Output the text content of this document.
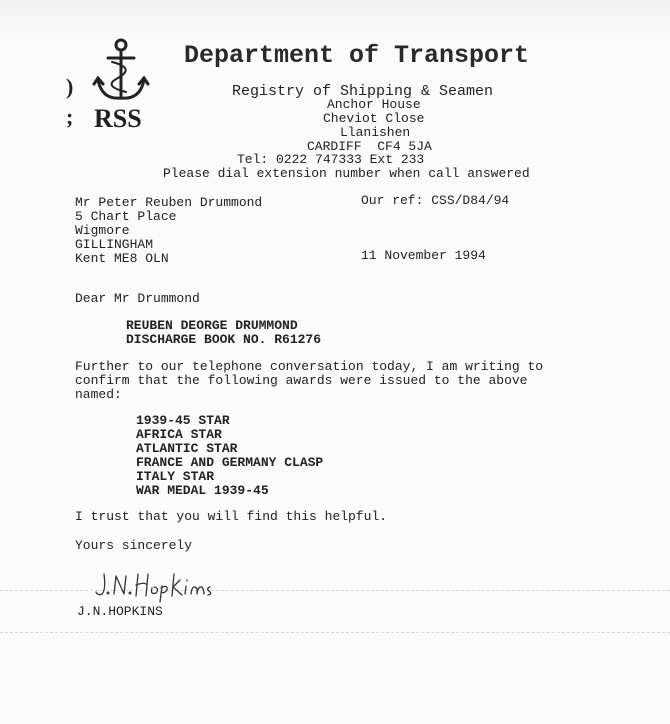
)
; RSS
Department of Transport
Registry of Shipping & Seamen
Anchor House
Cheviot Close
Llanishen
CARDIFF  CF4 5JA
Tel: 0222 747333 Ext 233
Please dial extension number when call answered
Mr Peter Reuben Drummond
5 Chart Place
Wigmore
GILLINGHAM
Kent ME8 OLN
Our ref: CSS/D84/94
11 November 1994
Dear Mr Drummond
REUBEN DEORGE DRUMMOND
DISCHARGE BOOK NO. R61276
Further to our telephone conversation today, I am writing to
confirm that the following awards were issued to the above
named:
1939-45 STAR
AFRICA STAR
ATLANTIC STAR
FRANCE AND GERMANY CLASP
ITALY STAR
WAR MEDAL 1939-45
I trust that you will find this helpful.
Yours sincerely
J.N.HOPKINS
